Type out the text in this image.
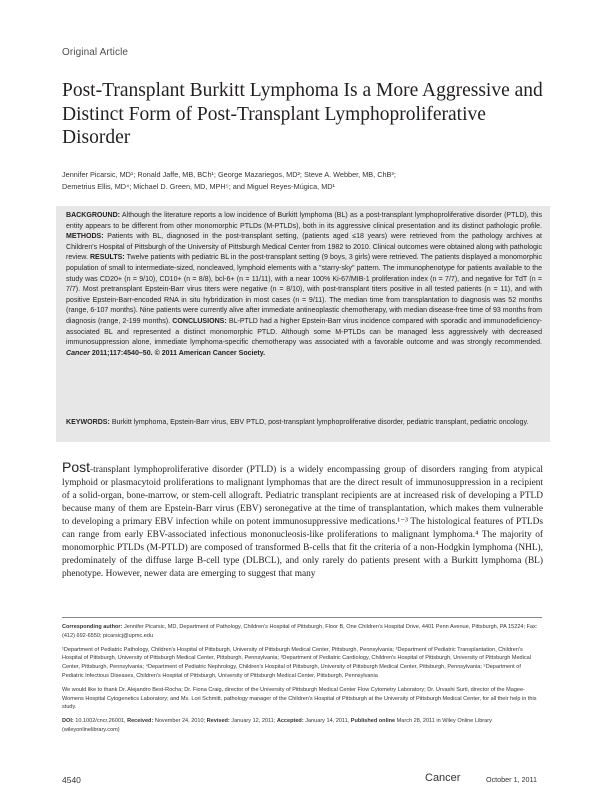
Original Article
Post-Transplant Burkitt Lymphoma Is a More Aggressive and Distinct Form of Post-Transplant Lymphoproliferative Disorder
Jennifer Picarsic, MD¹; Ronald Jaffe, MB, BCh¹; George Mazariegos, MD²; Steve A. Webber, MB, ChB³;
Demetrius Ellis, MD⁴; Michael D. Green, MD, MPH⁵; and Miguel Reyes-Múgica, MD¹
BACKGROUND: Although the literature reports a low incidence of Burkitt lymphoma (BL) as a post-transplant lymphoproliferative disorder (PTLD), this entity appears to be different from other monomorphic PTLDs (M-PTLDs), both in its aggressive clinical presentation and its distinct pathologic profile. METHODS: Patients with BL, diagnosed in the post-transplant setting, (patients aged ≤18 years) were retrieved from the pathology archives at Children's Hospital of Pittsburgh of the University of Pittsburgh Medical Center from 1982 to 2010. Clinical outcomes were obtained along with pathologic review. RESULTS: Twelve patients with pediatric BL in the post-transplant setting (9 boys, 3 girls) were retrieved. The patients displayed a monomorphic population of small to intermediate-sized, noncleaved, lymphoid elements with a "starry-sky" pattern. The immunophenotype for patients available to the study was CD20+ (n = 9/10), CD10+ (n = 8/8), bcl-6+ (n = 11/11), with a near 100% Ki-67/MIB-1 proliferation index (n = 7/7), and negative for TdT (n = 7/7). Most pretransplant Epstein-Barr virus titers were negative (n = 8/10), with post-transplant titers positive in all tested patients (n = 11), and with positive Epstein-Barr-encoded RNA in situ hybridization in most cases (n = 9/11). The median time from transplantation to diagnosis was 52 months (range, 6-107 months). Nine patients were currently alive after immediate antineoplastic chemotherapy, with median disease-free time of 93 months from diagnosis (range, 2-199 months). CONCLUSIONS: BL-PTLD had a higher Epstein-Barr virus incidence compared with sporadic and immunodeficiency-associated BL and represented a distinct monomorphic PTLD. Although some M-PTLDs can be managed less aggressively with decreased immunosuppression alone, immediate lymphoma-specific chemotherapy was associated with a favorable outcome and was strongly recommended. Cancer 2011;117:4540–50. © 2011 American Cancer Society.
KEYWORDS: Burkitt lymphoma, Epstein-Barr virus, EBV PTLD, post-transplant lymphoproliferative disorder, pediatric transplant, pediatric oncology.
Post-transplant lymphoproliferative disorder (PTLD) is a widely encompassing group of disorders ranging from atypical lymphoid or plasmacytoid proliferations to malignant lymphomas that are the direct result of immunosuppression in a recipient of a solid-organ, bone-marrow, or stem-cell allograft. Pediatric transplant recipients are at increased risk of developing a PTLD because many of them are Epstein-Barr virus (EBV) seronegative at the time of transplantation, which makes them vulnerable to developing a primary EBV infection while on potent immunosuppressive medications.¹⁻³ The histological features of PTLDs can range from early EBV-associated infectious mononucleosis-like proliferations to malignant lymphoma.⁴ The majority of monomorphic PTLDs (M-PTLD) are composed of transformed B-cells that fit the criteria of a non-Hodgkin lymphoma (NHL), predominately of the diffuse large B-cell type (DLBCL), and only rarely do patients present with a Burkitt lymphoma (BL) phenotype. However, newer data are emerging to suggest that many

Corresponding author: Jennifer Picarsic, MD, Department of Pathology, Children's Hospital of Pittsburgh, Floor B, One Children's Hospital Drive, 4401 Penn Avenue, Pittsburgh, PA 15224; Fax: (412) 692-6550; picarsicj@upmc.edu

¹Department of Pediatric Pathology, Children's Hospital of Pittsburgh, University of Pittsburgh Medical Center, Pittsburgh, Pennsylvania; ²Department of Pediatric Transplantation, Children's Hospital of Pittsburgh, University of Pittsburgh Medical Center, Pittsburgh, Pennsylvania; ³Department of Pediatric Cardiology, Children's Hospital of Pittsburgh, University of Pittsburgh Medical Center, Pittsburgh, Pennsylvania; ⁴Department of Pediatric Nephrology, Children's Hospital of Pittsburgh, University of Pittsburgh Medical Center, Pittsburgh, Pennsylvania; ⁵Department of Pediatric Infectious Diseases, Children's Hospital of Pittsburgh, University of Pittsburgh Medical Center, Pittsburgh, Pennsylvania

We would like to thank Dr. Alejandro Best-Rocha; Dr. Fiona Craig, director of the University of Pittsburgh Medical Center Flow Cytometry Laboratory; Dr. Urvashi Surti, director of the Magee-Womens Hospital Cytogenetics Laboratory; and Ms. Lori Schmitt, pathology manager of the Children's Hospital of Pittsburgh at the University of Pittsburgh Medical Center, for all their help in this study.

DOI: 10.1002/cncr.26001, Received: November 24, 2010; Revised: January 12, 2011; Accepted: January 14, 2011, Published online March 28, 2011 in Wiley Online Library (wileyonlinelibrary.com)

4540	Cancer	October 1, 2011
